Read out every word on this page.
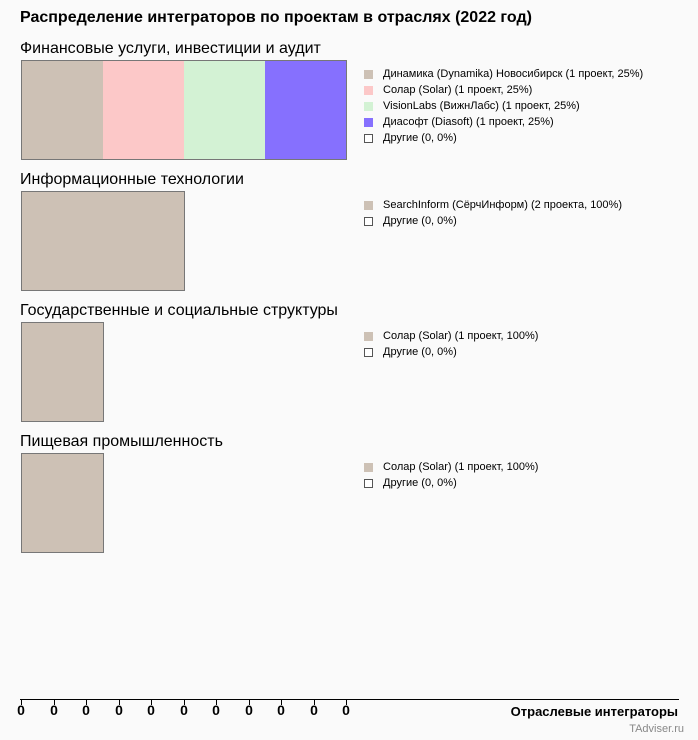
Распределение интеграторов по проектам в отраслях (2022 год)
Финансовые услуги, инвестиции и аудит
Динамика (Dynamika) Новосибирск (1 проект, 25%)
Солар (Solar) (1 проект, 25%)
VisionLabs (ВижнЛабс) (1 проект, 25%)
Диасофт (Diasoft) (1 проект, 25%)
Другие (0, 0%)
Информационные технологии
SearchInform (СёрчИнформ) (2 проекта, 100%)
Другие (0, 0%)
Государственные и социальные структуры
Солар (Solar) (1 проект, 100%)
Другие (0, 0%)
Пищевая промышленность
Солар (Solar) (1 проект, 100%)
Другие (0, 0%)
0	0	0	0	0	0	0	0	0	0	0	Отраслевые интеграторы
TAdviser.ru
